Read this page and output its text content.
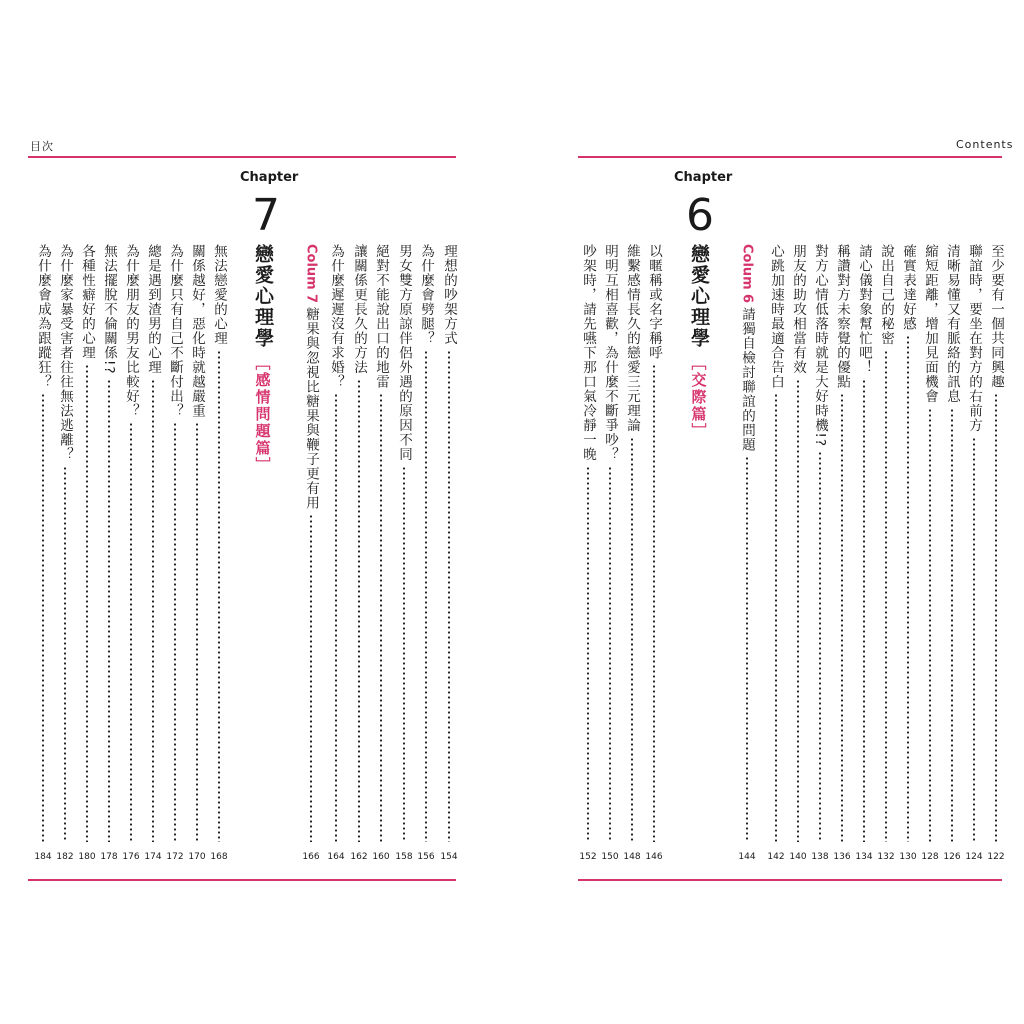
目次
Chapter
7
理想的吵架方式
為什麼會劈腿？
男女雙方原諒伴侶外遇的原因不同
絕對不能說出口的地雷
讓關係更長久的方法
為什麼遲遲沒有求婚？
Colum
7
糖果與忽視比糖果與鞭子更有用
戀愛心理學
［感情問題篇］
無法戀愛的心理
關係越好，惡化時就越嚴重
為什麼只有自己不斷付出？
總是遇到渣男的心理
為什麼朋友的男友比較好？
無法擺脫不倫關係!?
各種性癖好的心理
為什麼家暴受害者往往無法逃離？
為什麼會成為跟蹤狂？
154
156
158
160
162
164
166
168
170
172
174
176
178
180
182
184
Contents
Chapter
6
至少要有一個共同興趣
聯誼時，要坐在對方的右前方
清晰易懂又有脈絡的訊息
縮短距離，增加見面機會
確實表達好感
說出自己的秘密
請心儀對象幫忙吧！
稱讚對方未察覺的優點
對方心情低落時就是大好時機!?
朋友的助攻相當有效
心跳加速時最適合告白
Colum
6
請獨自檢討聯誼的問題
戀愛心理學
［交際篇］
以暱稱或名字稱呼
維繫感情長久的戀愛三元理論
明明互相喜歡，為什麼不斷爭吵？
吵架時，請先嚥下那口氣冷靜一晚
122
124
126
128
130
132
134
136
138
140
142
144
146
148
150
152
